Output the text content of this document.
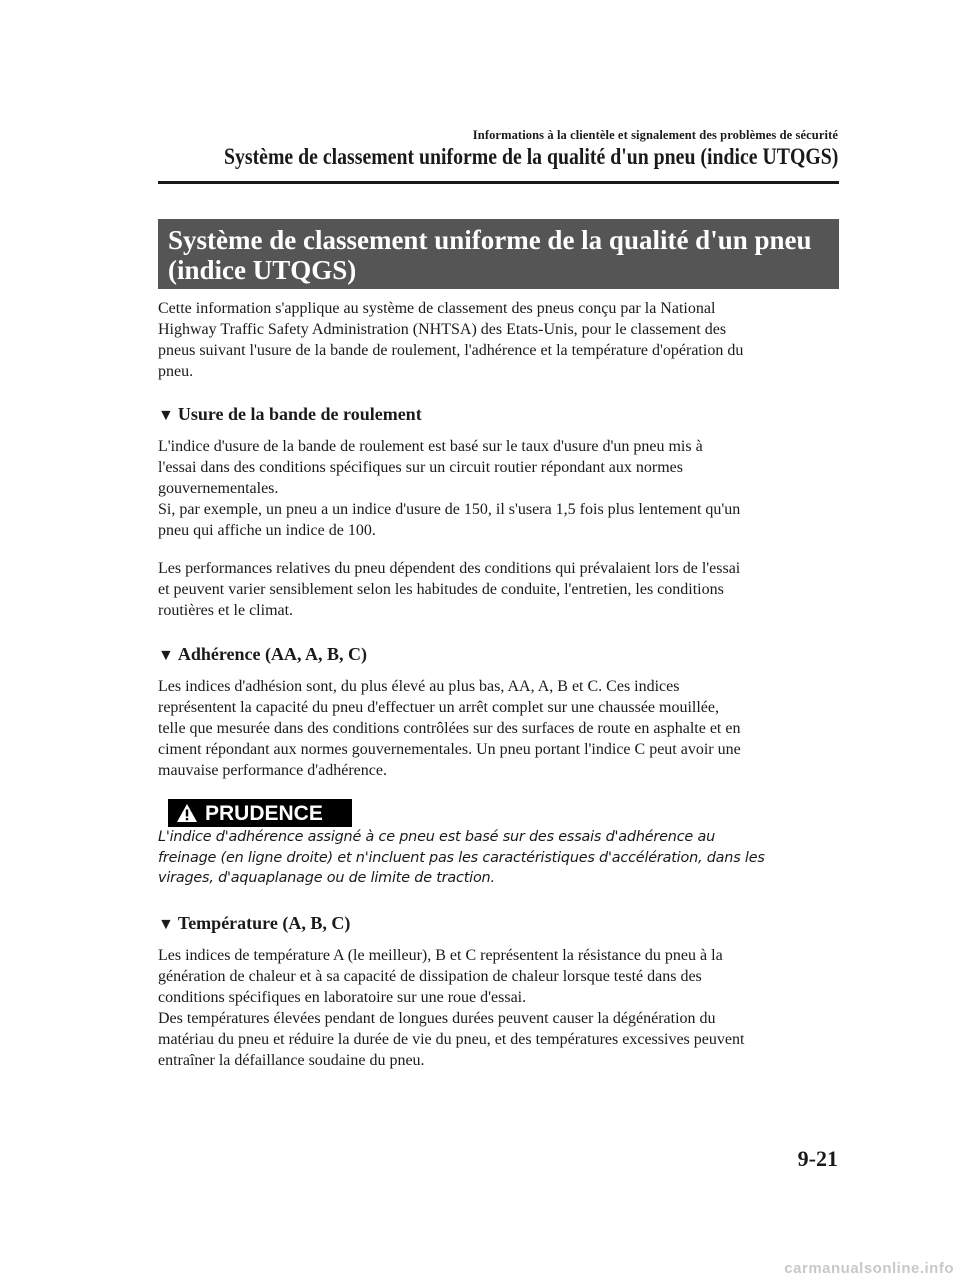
Informations à la clientèle et signalement des problèmes de sécurité
Système de classement uniforme de la qualité d'un pneu (indice UTQGS)
Système de classement uniforme de la qualité d'un pneu
(indice UTQGS)

Cette information s'applique au système de classement des pneus conçu par la National
Highway Traffic Safety Administration (NHTSA) des Etats-Unis, pour le classement des
pneus suivant l'usure de la bande de roulement, l'adhérence et la température d'opération du
pneu.

▼ Usure de la bande de roulement

L'indice d'usure de la bande de roulement est basé sur le taux d'usure d'un pneu mis à
l'essai dans des conditions spécifiques sur un circuit routier répondant aux normes
gouvernementales.
Si, par exemple, un pneu a un indice d'usure de 150, il s'usera 1,5 fois plus lentement qu'un
pneu qui affiche un indice de 100.

Les performances relatives du pneu dépendent des conditions qui prévalaient lors de l'essai
et peuvent varier sensiblement selon les habitudes de conduite, l'entretien, les conditions
routières et le climat.

▼ Adhérence (AA, A, B, C)

Les indices d'adhésion sont, du plus élevé au plus bas, AA, A, B et C. Ces indices
représentent la capacité du pneu d'effectuer un arrêt complet sur une chaussée mouillée,
telle que mesurée dans des conditions contrôlées sur des surfaces de route en asphalte et en
ciment répondant aux normes gouvernementales. Un pneu portant l'indice C peut avoir une
mauvaise performance d'adhérence.

PRUDENCE

L'indice d'adhérence assigné à ce pneu est basé sur des essais d'adhérence au
freinage (en ligne droite) et n'incluent pas les caractéristiques d'accélération, dans les
virages, d'aquaplanage ou de limite de traction.

▼ Température (A, B, C)

Les indices de température A (le meilleur), B et C représentent la résistance du pneu à la
génération de chaleur et à sa capacité de dissipation de chaleur lorsque testé dans des
conditions spécifiques en laboratoire sur une roue d'essai.
Des températures élevées pendant de longues durées peuvent causer la dégénération du
matériau du pneu et réduire la durée de vie du pneu, et des températures excessives peuvent
entraîner la défaillance soudaine du pneu.

9-21
carmanualsonline.info
